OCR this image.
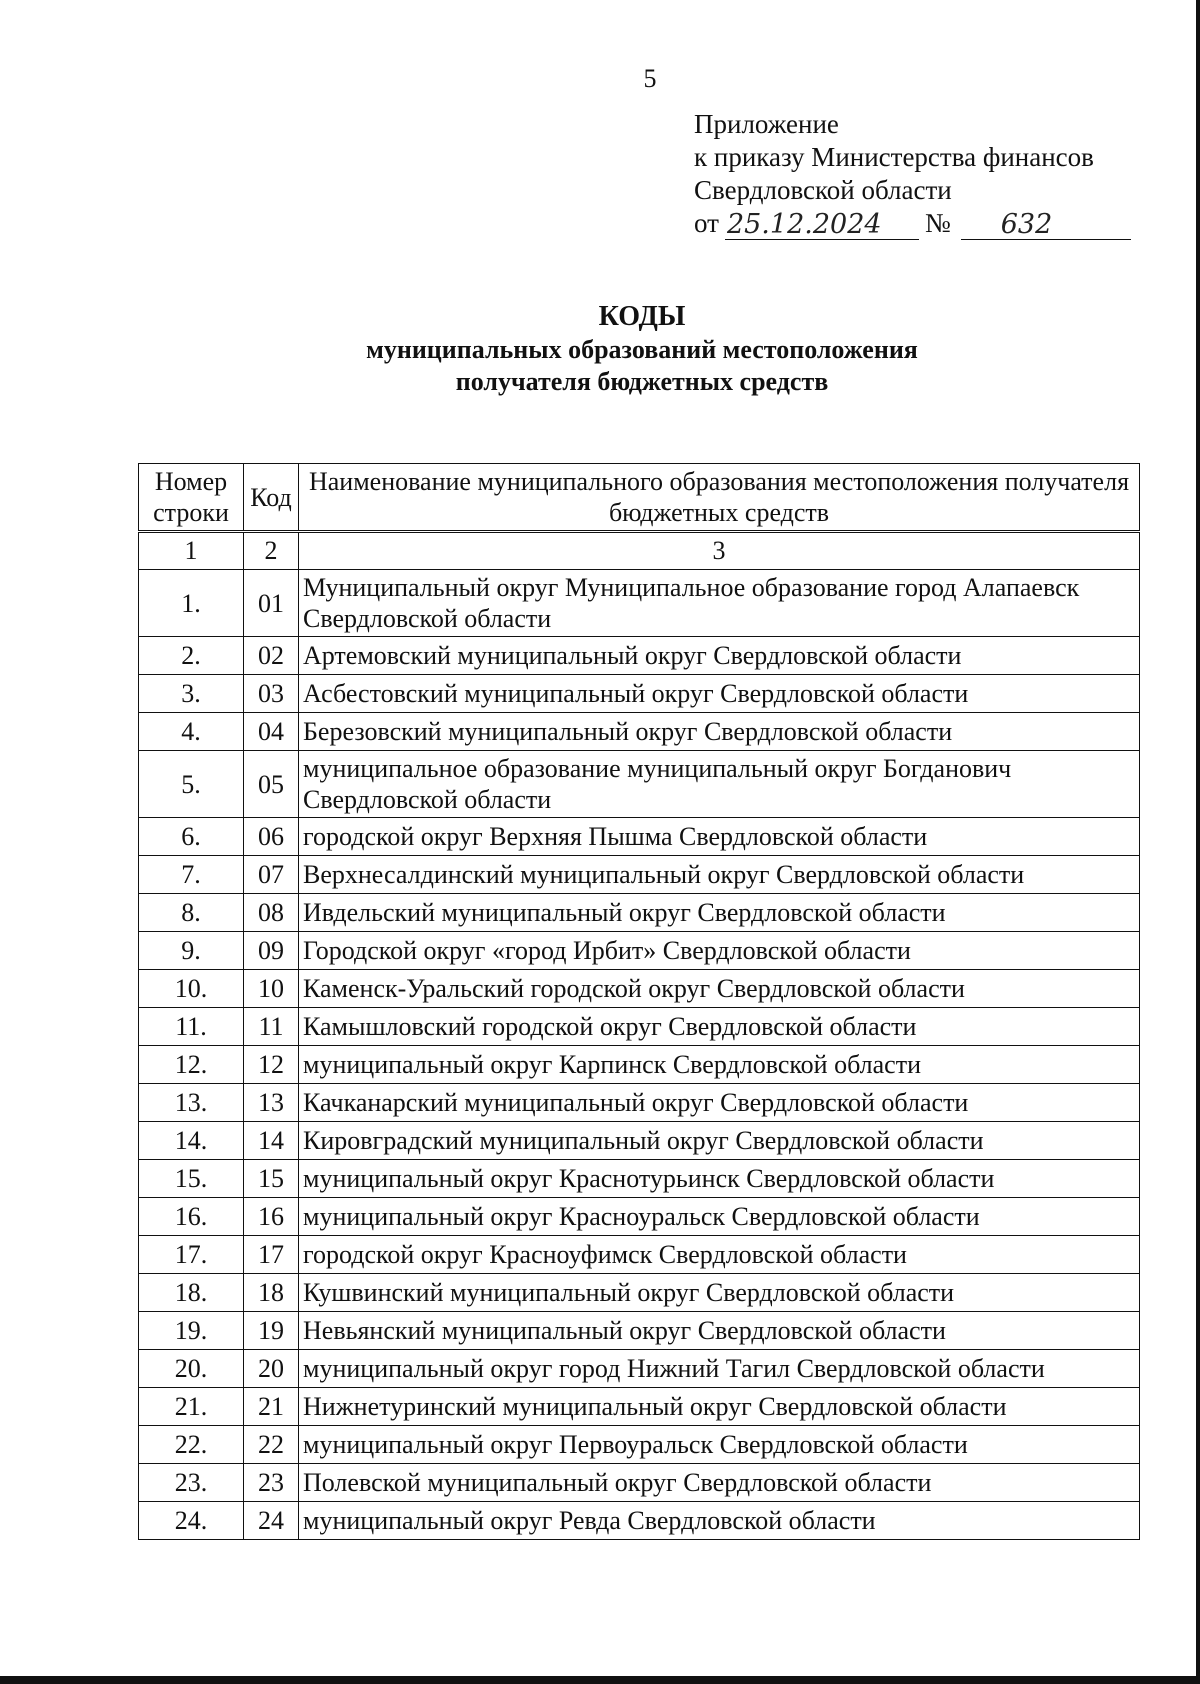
5
Приложение
к приказу Министерства финансов
Свердловской области
от 25.12.2024	№	632
КОДЫ
муниципальных образований местоположения
получателя бюджетных средств
Номер строки	Код	Наименование муниципального образования местоположения получателя бюджетных средств
1	2	3
1.	01	Муниципальный округ Муниципальное образование город Алапаевск Свердловской области
2.	02	Артемовский муниципальный округ Свердловской области
3.	03	Асбестовский муниципальный округ Свердловской области
4.	04	Березовский муниципальный округ Свердловской области
5.	05	муниципальное образование муниципальный округ Богданович Свердловской области
6.	06	городской округ Верхняя Пышма Свердловской области
7.	07	Верхнесалдинский муниципальный округ Свердловской области
8.	08	Ивдельский муниципальный округ Свердловской области
9.	09	Городской округ «город Ирбит» Свердловской области
10.	10	Каменск-Уральский городской округ Свердловской области
11.	11	Камышловский городской округ Свердловской области
12.	12	муниципальный округ Карпинск Свердловской области
13.	13	Качканарский муниципальный округ Свердловской области
14.	14	Кировградский муниципальный округ Свердловской области
15.	15	муниципальный округ Краснотурьинск Свердловской области
16.	16	муниципальный округ Красноуральск Свердловской области
17.	17	городской округ Красноуфимск Свердловской области
18.	18	Кушвинский муниципальный округ Свердловской области
19.	19	Невьянский муниципальный округ Свердловской области
20.	20	муниципальный округ город Нижний Тагил Свердловской области
21.	21	Нижнетуринский муниципальный округ Свердловской области
22.	22	муниципальный округ Первоуральск Свердловской области
23.	23	Полевской муниципальный округ Свердловской области
24.	24	муниципальный округ Ревда Свердловской области
